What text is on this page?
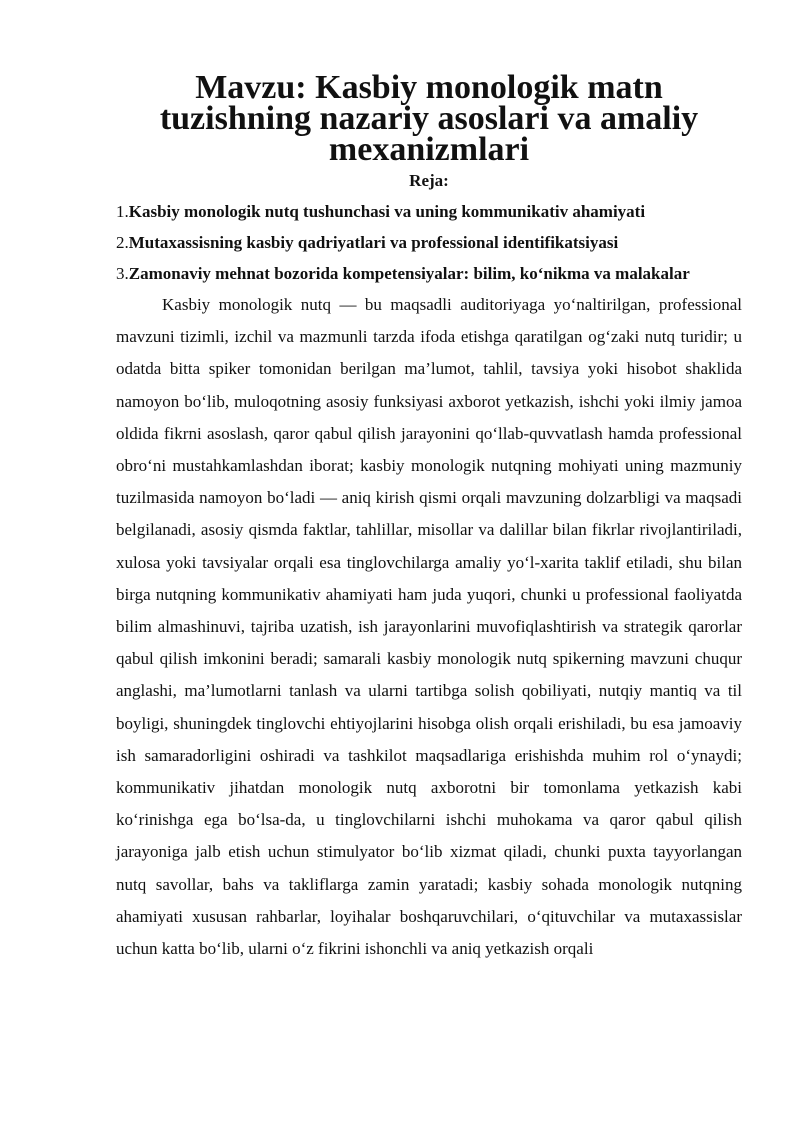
Mavzu: Kasbiy monologik matn tuzishning nazariy asoslari va amaliy mexanizmlari
Reja:
1.Kasbiy monologik nutq tushunchasi va uning kommunikativ ahamiyati
2.Mutaxassisning kasbiy qadriyatlari va professional identifikatsiyasi
3.Zamonaviy mehnat bozorida kompetensiyalar: bilim, ko‘nikma va malakalar

Kasbiy monologik nutq — bu maqsadli auditoriyaga yo‘naltirilgan, professional mavzuni tizimli, izchil va mazmunli tarzda ifoda etishga qaratilgan og‘zaki nutq turidir; u odatda bitta spiker tomonidan berilgan ma’lumot, tahlil, tavsiya yoki hisobot shaklida namoyon bo‘lib, muloqotning asosiy funksiyasi axborot yetkazish, ishchi yoki ilmiy jamoa oldida fikrni asoslash, qaror qabul qilish jarayonini qo‘llab-quvvatlash hamda professional obro‘ni mustahkamlashdan iborat; kasbiy monologik nutqning mohiyati uning mazmuniy tuzilmasida namoyon bo‘ladi — aniq kirish qismi orqali mavzuning dolzarbligi va maqsadi belgilanadi, asosiy qismda faktlar, tahlillar, misollar va dalillar bilan fikrlar rivojlantiriladi, xulosa yoki tavsiyalar orqali esa tinglovchilarga amaliy yo‘l-xarita taklif etiladi, shu bilan birga nutqning kommunikativ ahamiyati ham juda yuqori, chunki u professional faoliyatda bilim almashinuvi, tajriba uzatish, ish jarayonlarini muvofiqlashtirish va strategik qarorlar qabul qilish imkonini beradi; samarali kasbiy monologik nutq spikerning mavzuni chuqur anglashi, ma’lumotlarni tanlash va ularni tartibga solish qobiliyati, nutqiy mantiq va til boyligi, shuningdek tinglovchi ehtiyojlarini hisobga olish orqali erishiladi, bu esa jamoaviy ish samaradorligini oshiradi va tashkilot maqsadlariga erishishda muhim rol o‘ynaydi; kommunikativ jihatdan monologik nutq axborotni bir tomonlama yetkazish kabi ko‘rinishga ega bo‘lsa-da, u tinglovchilarni ishchi muhokama va qaror qabul qilish jarayoniga jalb etish uchun stimulyator bo‘lib xizmat qiladi, chunki puxta tayyorlangan nutq savollar, bahs va takliflarga zamin yaratadi; kasbiy sohada monologik nutqning ahamiyati xususan rahbarlar, loyihalar boshqaruvchilari, o‘qituvchilar va mutaxassislar uchun katta bo‘lib, ularni o‘z fikrini ishonchli va aniq yetkazish orqali
